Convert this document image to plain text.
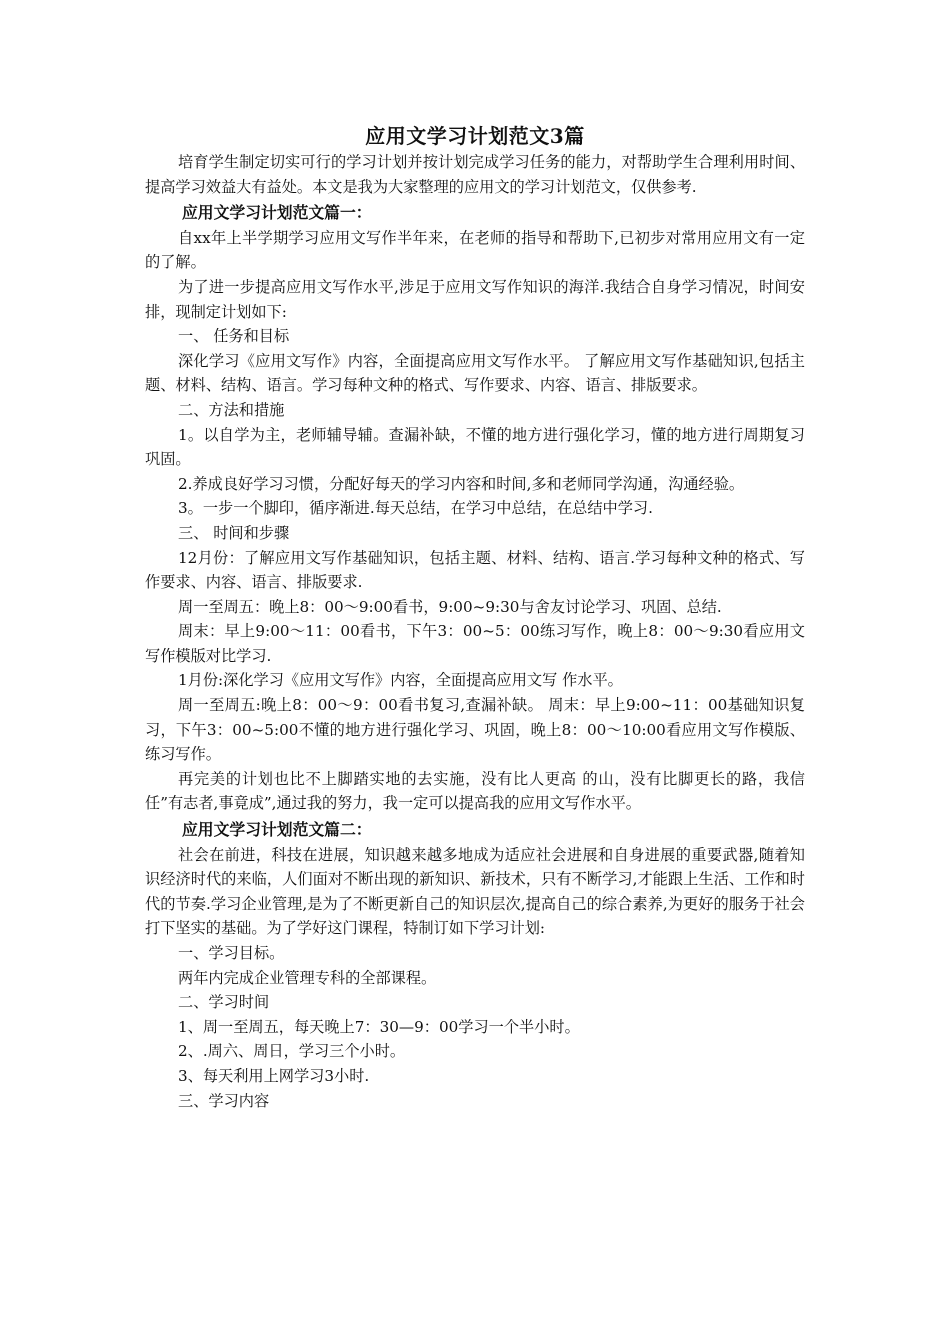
应用文学习计划范文3篇

培育学生制定切实可行的学习计划并按计划完成学习任务的能力，对帮助学生合理利用时间、提高学习效益大有益处。本文是我为大家整理的应用文的学习计划范文，仅供参考.

应用文学习计划范文篇一：

自xx年上半学期学习应用文写作半年来，在老师的指导和帮助下,已初步对常用应用文有一定的了解。

为了进一步提高应用文写作水平,涉足于应用文写作知识的海洋.我结合自身学习情况，时间安排，现制定计划如下:

一、 任务和目标

深化学习《应用文写作》内容，全面提高应用文写作水平。 了解应用文写作基础知识,包括主题、材料、结构、语言。学习每种文种的格式、写作要求、内容、语言、排版要求。

二、方法和措施

1。以自学为主，老师辅导辅。查漏补缺，不懂的地方进行强化学习，懂的地方进行周期复习巩固。

2.养成良好学习习惯，分配好每天的学习内容和时间,多和老师同学沟通，沟通经验。

3。一步一个脚印，循序渐进.每天总结，在学习中总结，在总结中学习.

三、 时间和步骤

12月份：了解应用文写作基础知识，包括主题、材料、结构、语言.学习每种文种的格式、写作要求、内容、语言、排版要求.

周一至周五：晚上8：00～9:00看书，9:00~9:30与舍友讨论学习、巩固、总结.

周末：早上9:00～11：00看书，下午3：00~5：00练习写作，晚上8：00～9:30看应用文写作模版对比学习.

1月份:深化学习《应用文写作》内容，全面提高应用文写 作水平。

周一至周五:晚上8：00～9：00看书复习,查漏补缺。 周末：早上9:00~11：00基础知识复习，下午3：00~5:00不懂的地方进行强化学习、巩固，晚上8：00～10:00看应用文写作模版、练习写作。

再完美的计划也比不上脚踏实地的去实施，没有比人更高 的山，没有比脚更长的路，我信任”有志者,事竟成”,通过我的努力，我一定可以提高我的应用文写作水平。

应用文学习计划范文篇二：

社会在前进，科技在进展，知识越来越多地成为适应社会进展和自身进展的重要武器,随着知识经济时代的来临，人们面对不断出现的新知识、新技术，只有不断学习,才能跟上生活、工作和时代的节奏.学习企业管理,是为了不断更新自己的知识层次,提高自己的综合素养,为更好的服务于社会打下坚实的基础。为了学好这门课程，特制订如下学习计划:

一、学习目标。

两年内完成企业管理专科的全部课程。

二、学习时间

1、周一至周五，每天晚上7：30—9：00学习一个半小时。

2、.周六、周日，学习三个小时。

3、每天利用上网学习3小时.

三、学习内容
